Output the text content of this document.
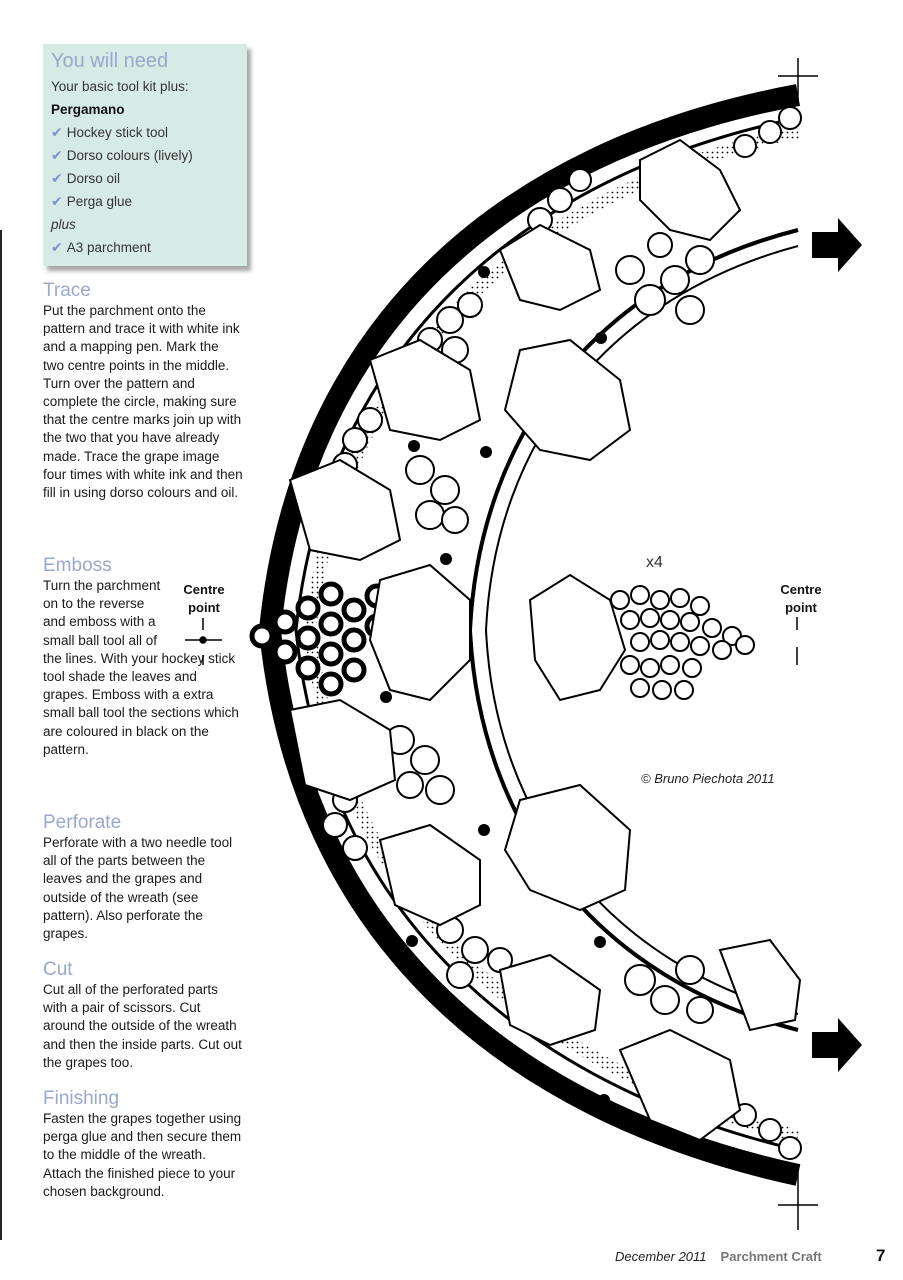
You will need
Your basic tool kit plus:
Pergamano
✔ Hockey stick tool
✔ Dorso colours (lively)
✔ Dorso oil
✔ Perga glue
plus
✔ A3 parchment
Trace

Put the parchment onto the pattern and trace it with white ink and a mapping pen. Mark the two centre points in the middle. Turn over the pattern and complete the circle, making sure that the centre marks join up with the two that you have already made. Trace the grape image four times with white ink and then fill in using dorso colours and oil.

Emboss

Turn the parchment on to the reverse and emboss with a small ball tool all of

the lines. With your hockey stick tool shade the leaves and grapes. Emboss with a extra small ball tool the sections which are coloured in black on the pattern.

Perforate

Perforate with a two needle tool all of the parts between the leaves and the grapes and outside of the wreath (see pattern). Also perforate the grapes.

Cut

Cut all of the perforated parts with a pair of scissors. Cut around the outside of the wreath and then the inside parts. Cut out the grapes too.

Finishing

Fasten the grapes together using perga glue and then secure them to the middle of the wreath. Attach the finished piece to your chosen background.

Centre point
Centre point
x4
© Bruno Piechota 2011
December 2011 Parchment Craft	7
